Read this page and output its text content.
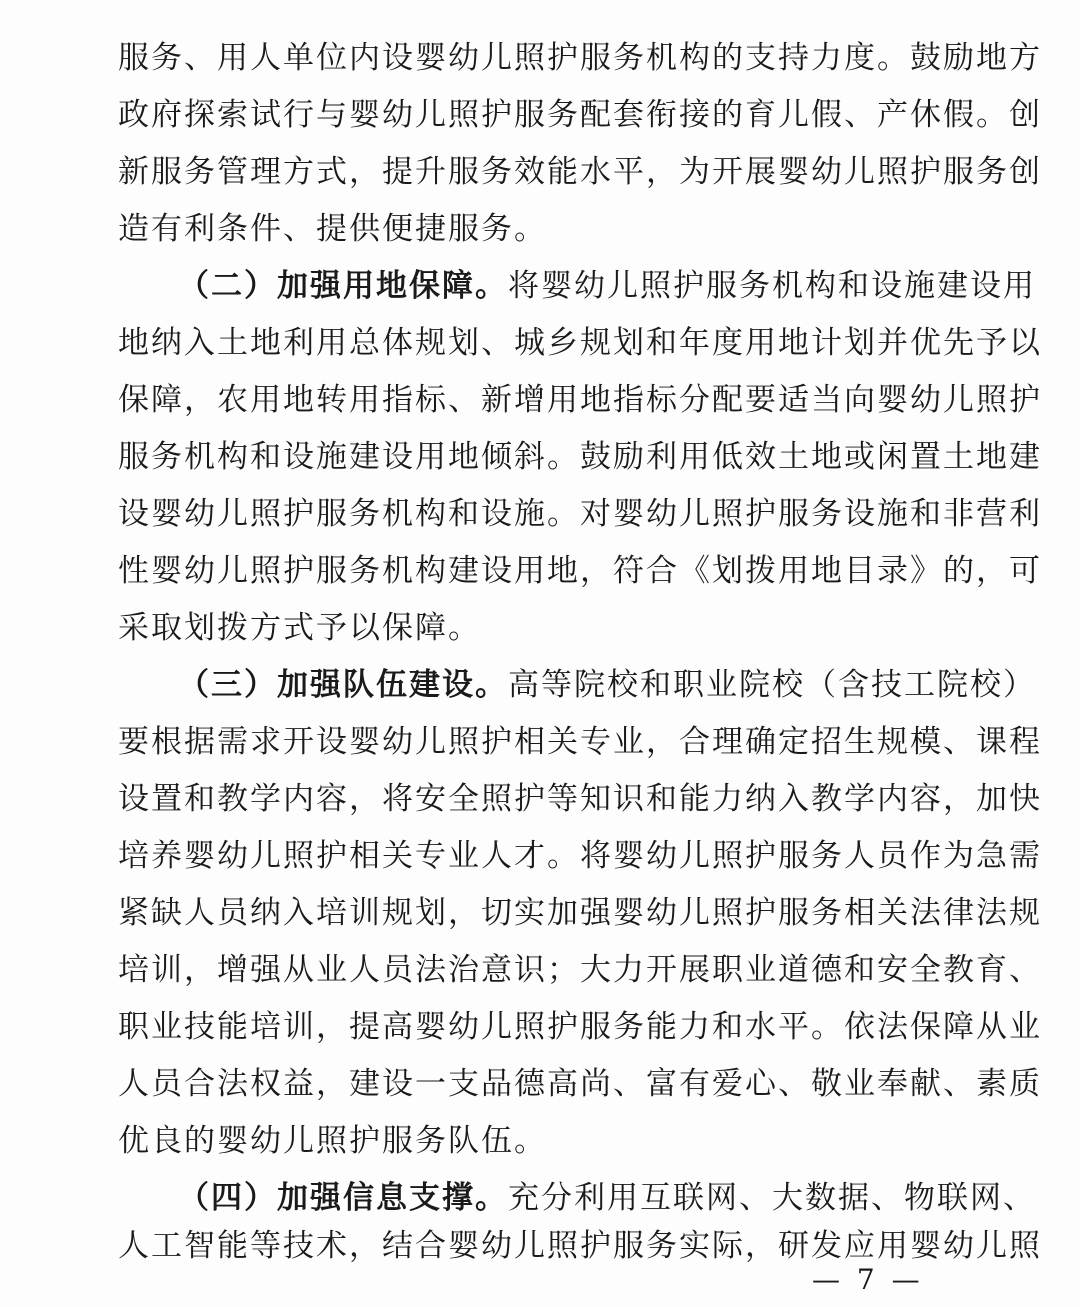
服务、用人单位内设婴幼儿照护服务机构的支持力度。鼓励地方
政府探索试行与婴幼儿照护服务配套衔接的育儿假、产休假。创
新服务管理方式，提升服务效能水平，为开展婴幼儿照护服务创
造有利条件、提供便捷服务。
（二）加强用地保障。将婴幼儿照护服务机构和设施建设用
地纳入土地利用总体规划、城乡规划和年度用地计划并优先予以
保障，农用地转用指标、新增用地指标分配要适当向婴幼儿照护
服务机构和设施建设用地倾斜。鼓励利用低效土地或闲置土地建
设婴幼儿照护服务机构和设施。对婴幼儿照护服务设施和非营利
性婴幼儿照护服务机构建设用地，符合《划拨用地目录》的，可
采取划拨方式予以保障。
（三）加强队伍建设。高等院校和职业院校（含技工院校）
要根据需求开设婴幼儿照护相关专业，合理确定招生规模、课程
设置和教学内容，将安全照护等知识和能力纳入教学内容，加快
培养婴幼儿照护相关专业人才。将婴幼儿照护服务人员作为急需
紧缺人员纳入培训规划，切实加强婴幼儿照护服务相关法律法规
培训，增强从业人员法治意识；大力开展职业道德和安全教育、
职业技能培训，提高婴幼儿照护服务能力和水平。依法保障从业
人员合法权益，建设一支品德高尚、富有爱心、敬业奉献、素质
优良的婴幼儿照护服务队伍。
（四）加强信息支撑。充分利用互联网、大数据、物联网、
人工智能等技术，结合婴幼儿照护服务实际，研发应用婴幼儿照
— 7 —
